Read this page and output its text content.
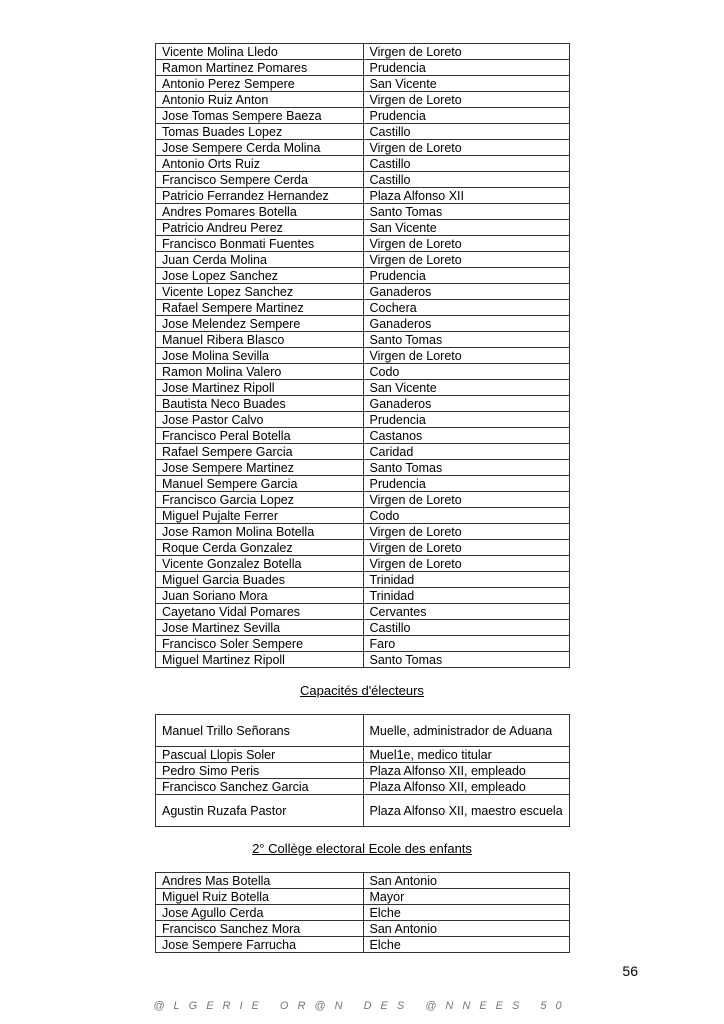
Vicente Molina Lledo	Virgen de Loreto
Ramon Martinez Pomares	Prudencia
Antonio Perez Sempere	San Vicente
Antonio Ruiz Anton	Virgen de Loreto
Jose Tomas Sempere Baeza	Prudencia
Tomas Buades Lopez	Castillo
Jose Sempere Cerda Molina	Virgen de Loreto
Antonio Orts Ruiz	Castillo
Francisco Sempere Cerda	Castillo
Patricio Ferrandez Hernandez	Plaza Alfonso XII
Andres Pomares Botella	Santo Tomas
Patricio Andreu Perez	San Vicente
Francisco Bonmati Fuentes	Virgen de Loreto
Juan Cerda Molina	Virgen de Loreto
Jose Lopez Sanchez	Prudencia
Vicente Lopez Sanchez	Ganaderos
Rafael Sempere Martinez	Cochera
Jose Melendez Sempere	Ganaderos
Manuel Ribera Blasco	Santo Tomas
Jose Molina Sevilla	Virgen de Loreto
Ramon Molina Valero	Codo
Jose Martinez Ripoll	San Vicente
Bautista Neco Buades	Ganaderos
Jose Pastor Calvo	Prudencia
Francisco Peral Botella	Castanos
Rafael Sempere Garcia	Caridad
Jose Sempere Martinez	Santo Tomas
Manuel Sempere Garcia	Prudencia
Francisco Garcia Lopez	Virgen de Loreto
Miguel Pujalte Ferrer	Codo
Jose Ramon Molina Botella	Virgen de Loreto
Roque Cerda Gonzalez	Virgen de Loreto
Vicente Gonzalez Botella	Virgen de Loreto
Miguel Garcia Buades	Trinidad
Juan Soriano Mora	Trinidad
Cayetano Vidal Pomares	Cervantes
Jose Martinez Sevilla	Castillo
Francisco Soler Sempere	Faro
Miguel Martinez Ripoll	Santo Tomas
Capacités d'électeurs
Manuel Trillo Señorans	Muelle, administrador de Aduana
Pascual Llopis Soler	Muel1e, medico titular
Pedro Simo Peris	Plaza Alfonso XII, empleado
Francisco Sanchez Garcia	Plaza Alfonso XII, empleado
Agustin Ruzafa Pastor	Plaza Alfonso XII, maestro escuela
2° Collège electoral Ecole des enfants
Andres Mas Botella	San Antonio
Miguel Ruiz Botella	Mayor
Jose Agullo Cerda	Elche
Francisco Sanchez Mora	San Antonio
Jose Sempere Farrucha	Elche
56
@LGERIE OR@N DES @NNEES 50
